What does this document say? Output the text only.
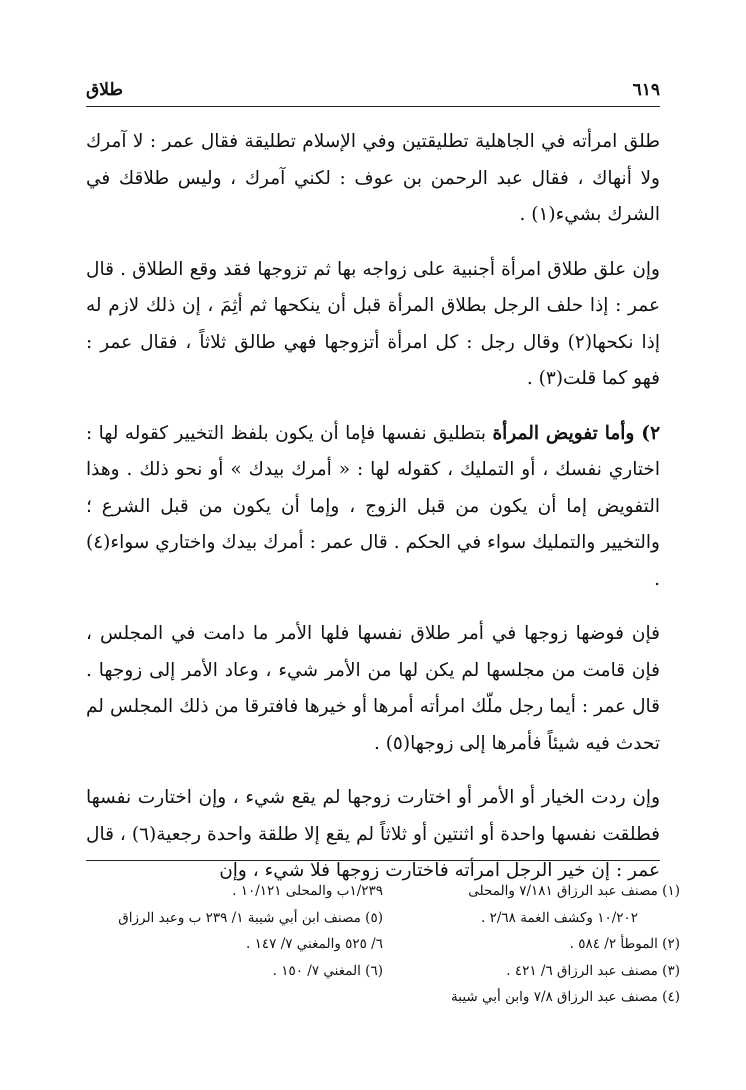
٦١٩
طلاق

طلق امرأته في الجاهلية تطليقتين وفي الإسلام تطليقة فقال عمر : لا آمرك ولا أنهاك ، فقال عبد الرحمن بن عوف : لكني آمرك ، وليس طلاقك في الشرك بشيء(١) .

وإن علق طلاق امرأة أجنبية على زواجه بها ثم تزوجها فقد وقع الطلاق . قال عمر : إذا حلف الرجل بطلاق المرأة قبل أن ينكحها ثم أثِمَ ، إن ذلك لازم له إذا نكحها(٢) وقال رجل : كل امرأة أتزوجها فهي طالق ثلاثاً ، فقال عمر : فهو كما قلت(٣) .

٢) وأما تفويض المرأة بتطليق نفسها فإما أن يكون بلفظ التخيير كقوله لها : اختاري نفسك ، أو التمليك ، كقوله لها : « أمرك بيدك » أو نحو ذلك . وهذا التفويض إما أن يكون من قبل الزوج ، وإما أن يكون من قبل الشرع ؛ والتخيير والتمليك سواء في الحكم . قال عمر : أمرك بيدك واختاري سواء(٤) .

فإن فوضها زوجها في أمر طلاق نفسها فلها الأمر ما دامت في المجلس ، فإن قامت من مجلسها لم يكن لها من الأمر شيء ، وعاد الأمر إلى زوجها . قال عمر : أيما رجل ملّك امرأته أمرها أو خيرها فافترقا من ذلك المجلس لم تحدث فيه شيئاً فأمرها إلى زوجها(٥) .

وإن ردت الخيار أو الأمر أو اختارت زوجها لم يقع شيء ، وإن اختارت نفسها فطلقت نفسها واحدة أو اثنتين أو ثلاثاً لم يقع إلا طلقة واحدة رجعية(٦) ، قال عمر : إن خير الرجل امرأته فاختارت زوجها فلا شيء ، وإن

(١) مصنف عبد الرزاق ٧/١٨١ والمحلى
١٠/٢٠٢ وكشف الغمة ٢/٦٨ .
(٢) الموطأ ٢/ ٥٨٤ .
(٣) مصنف عبد الرزاق ٦/ ٤٢١ .
(٤) مصنف عبد الرزاق ٧/٨ وابن أبي شيبة
١/٢٣٩ب والمحلى ١٠/١٢١ .
(٥) مصنف ابن أبي شيبة ١/ ٢٣٩ ب وعبد الرزاق
٦/ ٥٢٥ والمغني ٧/ ١٤٧ .
(٦) المغني ٧/ ١٥٠ .
